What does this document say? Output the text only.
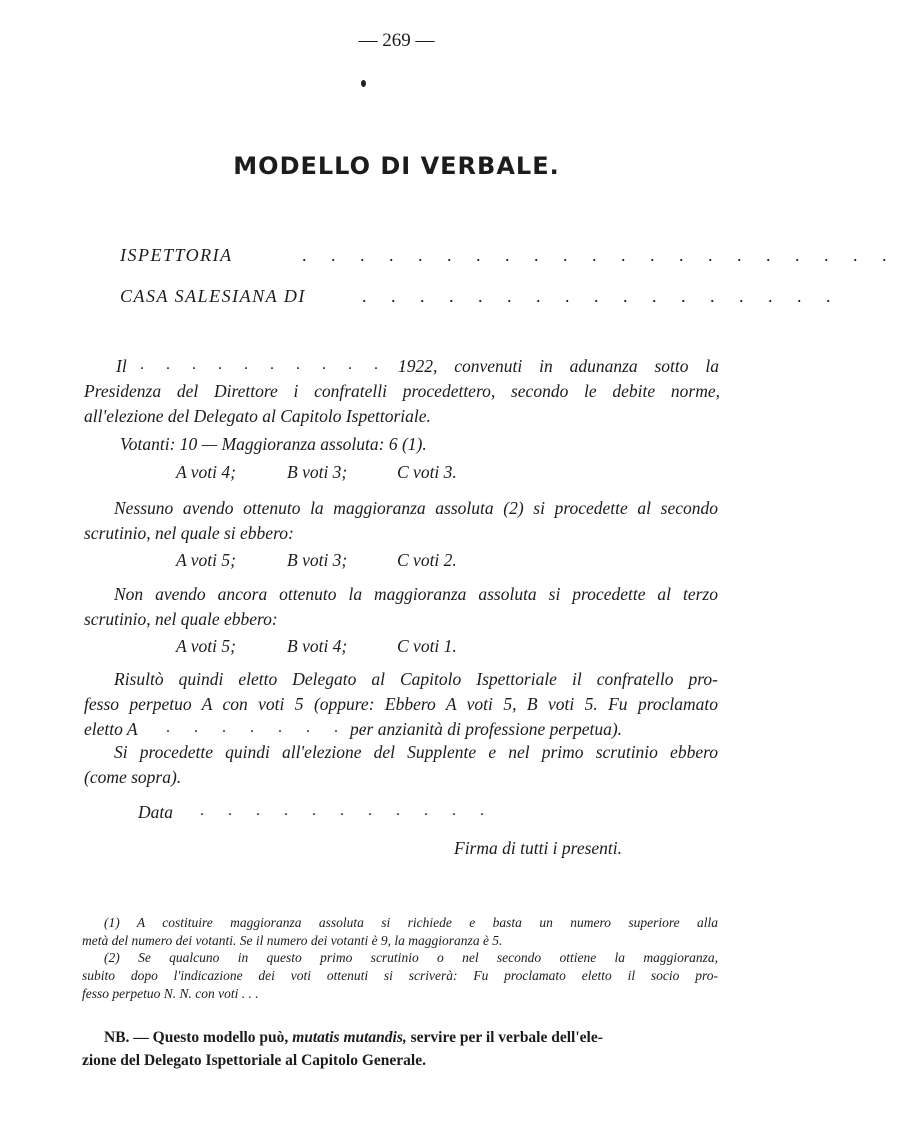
— 269 —
MODELLO DI VERBALE.
ISPETTORIA	. . . . . . . . . . . . . . . . . . . . .
CASA SALESIANA DI	. . . . . . . . . . . . . . . . .
Il . . . . . . . . . . . .
1922, convenuti in adunanza sotto la
Presidenza del Direttore i confratelli procedettero, secondo le debite norme,
all'elezione del Delegato al Capitolo Ispettoriale.
Votanti: 10 — Maggioranza assoluta: 6 (1).
A voti 4;	B voti 3;	C voti 3.
Nessuno avendo ottenuto la maggioranza assoluta (2) si procedette al secondo
scrutinio, nel quale si ebbero:
A voti 5;	B voti 3;	C voti 2.
Non avendo ancora ottenuto la maggioranza assoluta si procedette al terzo
scrutinio, nel quale ebbero:
A voti 5;	B voti 4;	C voti 1.
Risultò quindi eletto Delegato al Capitolo Ispettoriale il confratello pro-
fesso perpetuo A con voti 5 (oppure: Ebbero A voti 5, B voti 5. Fu proclamato
eletto A . . . . . . . .
per anzianità di professione perpetua).
Si procedette quindi all'elezione del Supplente e nel primo scrutinio ebbero
(come sopra).
Data . . . . . . . . . . .
Firma di tutti i presenti.
(1) A costituire maggioranza assoluta si richiede e basta un numero superiore alla
metà del numero dei votanti. Se il numero dei votanti è 9, la maggioranza è 5.
(2) Se qualcuno in questo primo scrutinio o nel secondo ottiene la maggioranza,
subito dopo l'indicazione dei voti ottenuti si scriverà: Fu proclamato eletto il socio pro-
fesso perpetuo N. N. con voti . . .
NB. — Questo modello può, mutatis mutandis, servire per il verbale dell'ele-
zione del Delegato Ispettoriale al Capitolo Generale.
